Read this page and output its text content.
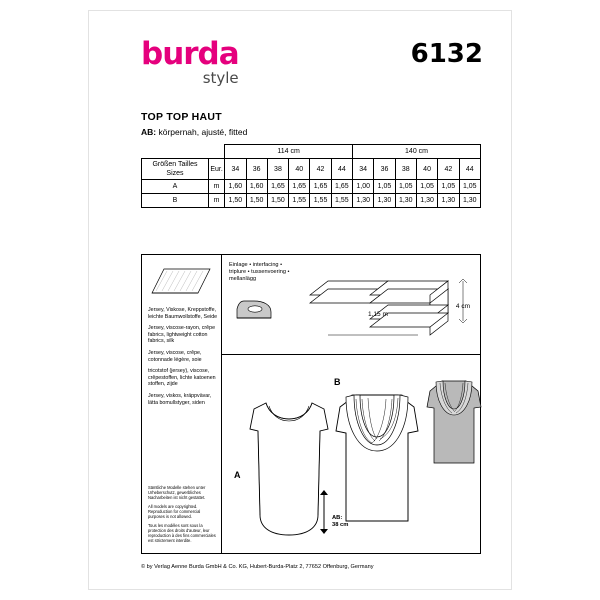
burda
style
6132
TOP TOP HAUT
AB: körpernah, ajusté, fitted
		114 cm						140 cm					
Größen Tailles Sizes	Eur.	34	36	38	40	42	44	34	36	38	40	42	44
A	m	1,60	1,60	1,65	1,65	1,65	1,65	1,00	1,05	1,05	1,05	1,05	1,05
B	m	1,50	1,50	1,50	1,55	1,55	1,55	1,30	1,30	1,30	1,30	1,30	1,30

Jersey, Viskose, Kreppstoffe, leichte Baumwollstoffe, Seide

Jersey, viscose-rayon, crêpe fabrics, lightweight cotton fabrics, silk

Jersey, viscose, crêpe, cotonnade légère, soie

tricotstof (jersey), viscose, crêpestoffen, lichte katoenen stoffen, zijde

Jersey, viskos, kräppvävar, lätta bomullstyger, siden

Sämtliche Modelle stehen unter Urheberschutz, gewerbliches Nacharbeiten ist nicht gestattet.

All models are copyrighted. Reproduction for commercial purposes is not allowed.

Tous les modèles sont sous la protection des droits d'auteur, leur reproduction à des fins commerciales est strictement interdite.

Einlage • interfacing •
triplure • tussenvoering •
mellanlägg
1,15 m
4 cm
A
B
AB:
38 cm
© by Verlag Aenne Burda GmbH & Co. KG, Hubert-Burda-Platz 2, 77652 Offenburg, Germany
